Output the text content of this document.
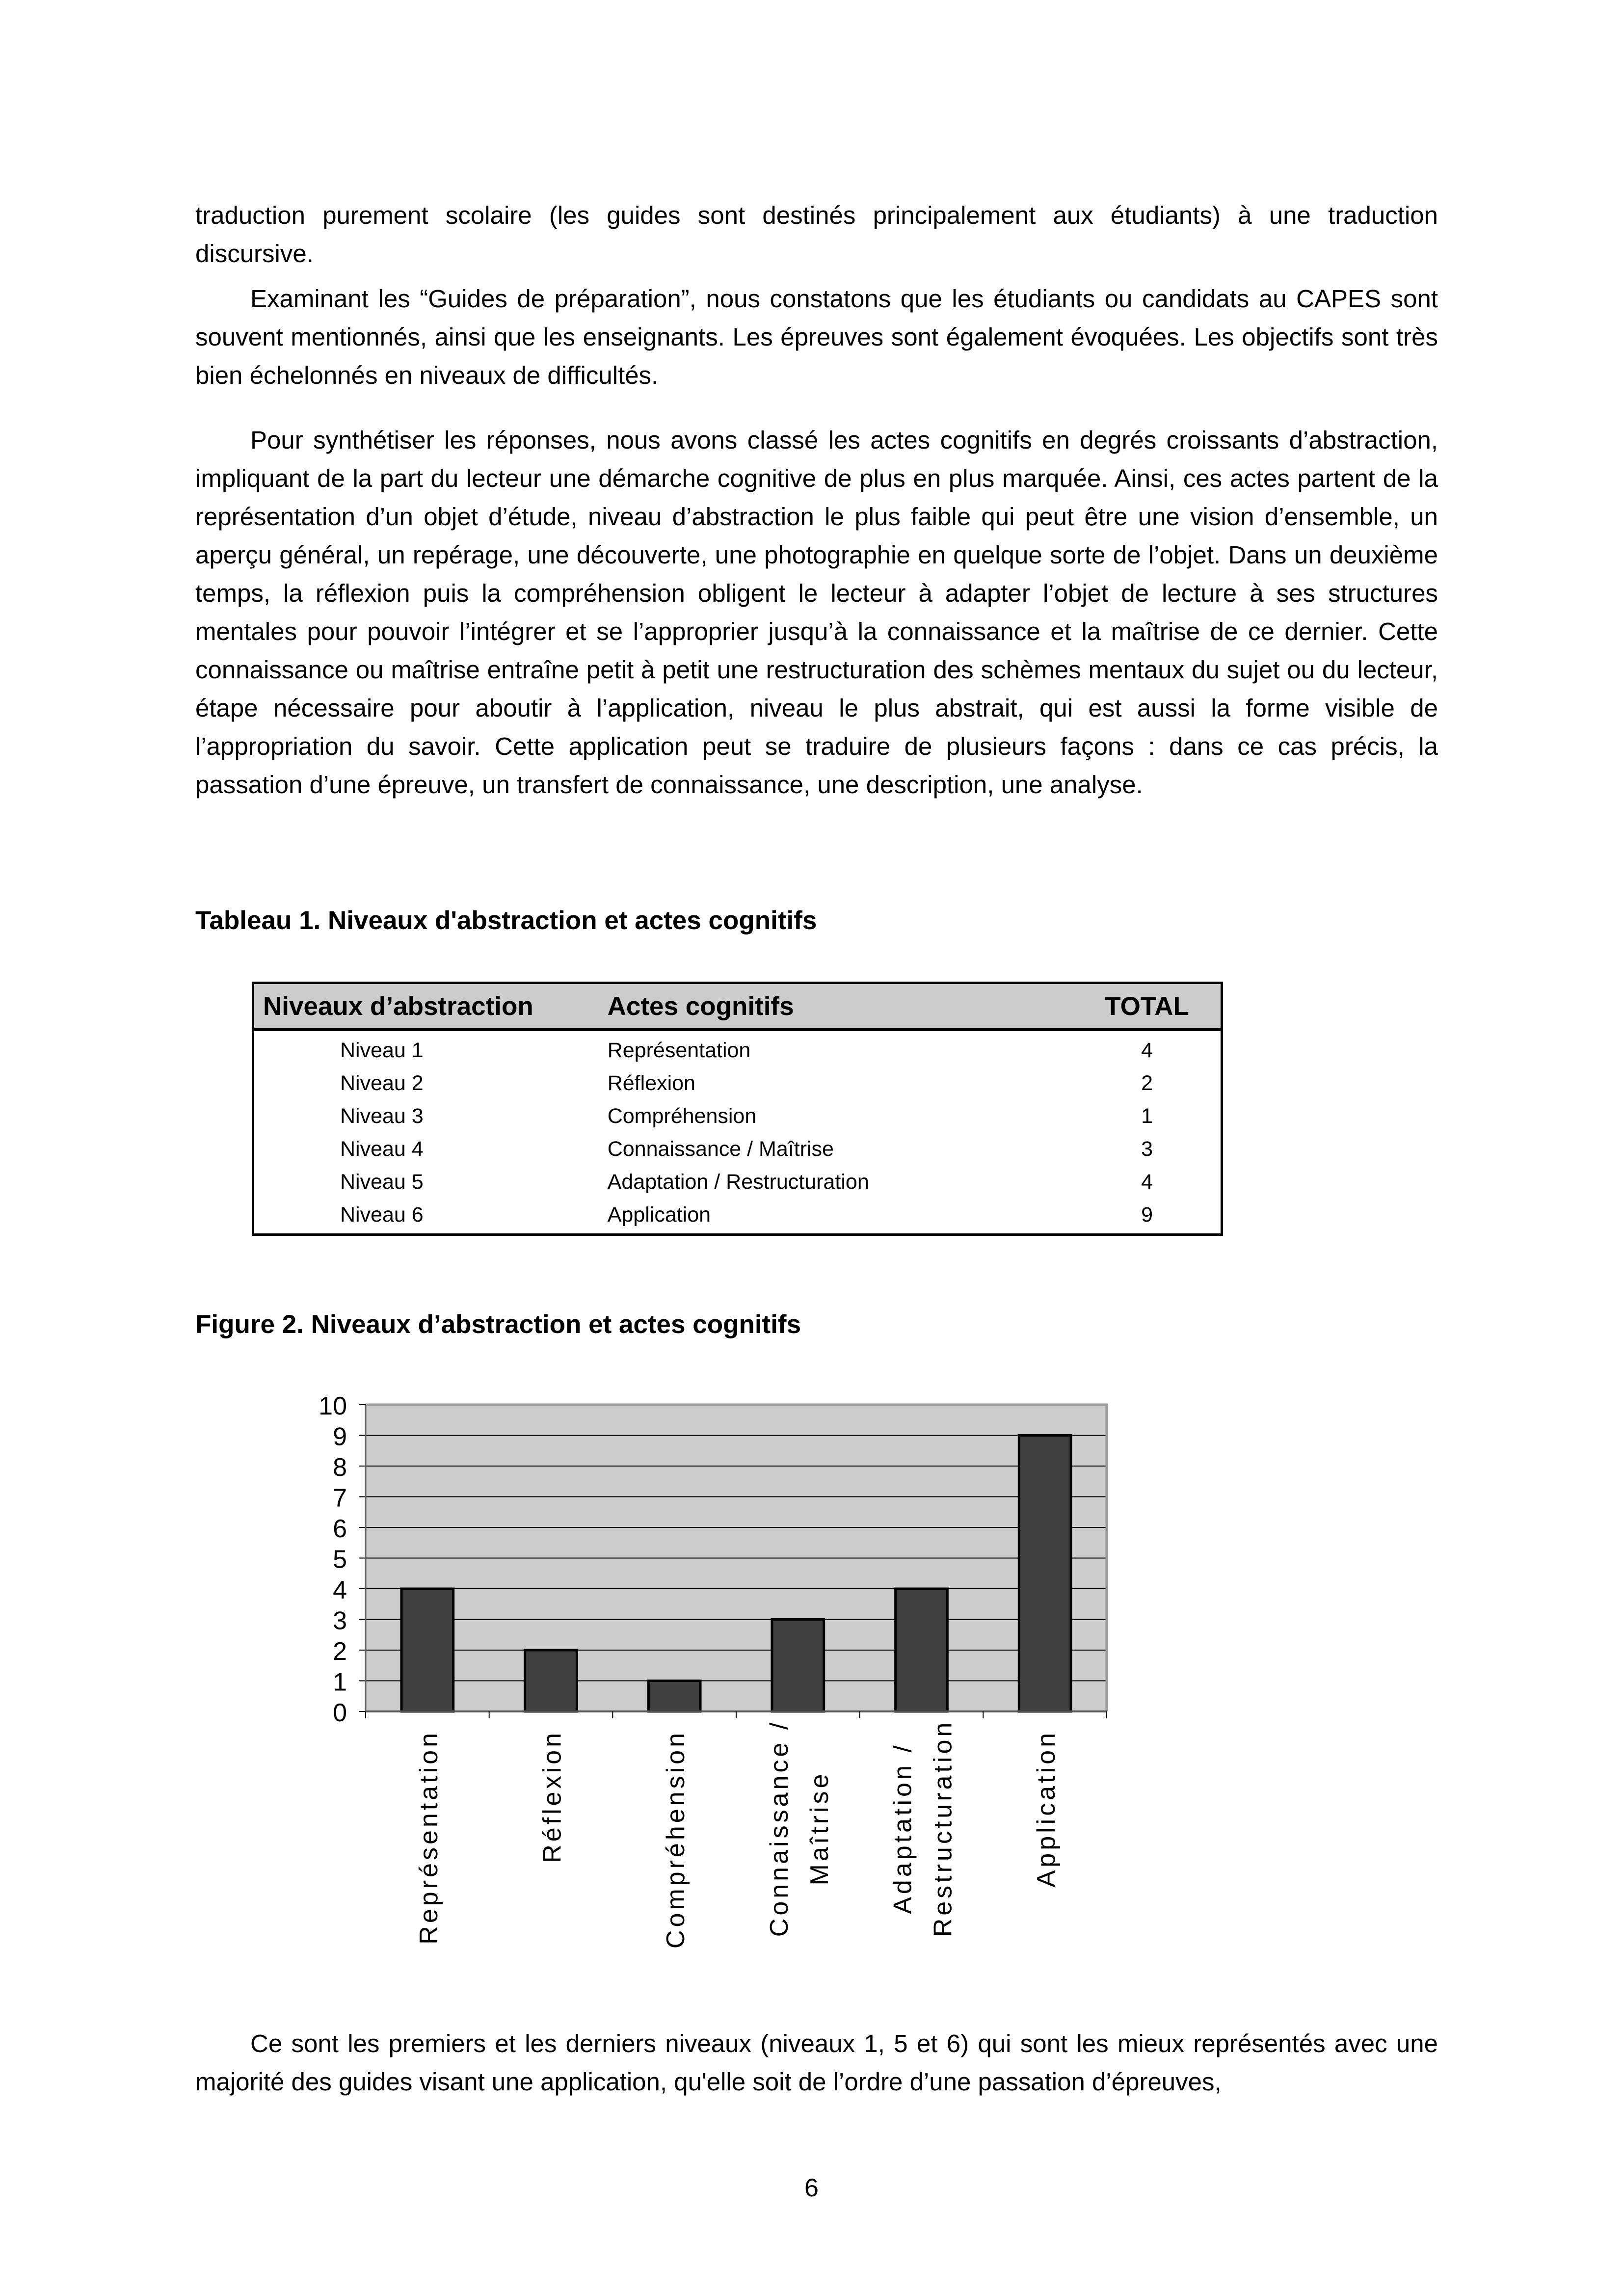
traduction purement scolaire (les guides sont destinés principalement aux étudiants) à une traduction discursive.

Examinant les “Guides de préparation”, nous constatons que les étudiants ou candidats au CAPES sont souvent mentionnés, ainsi que les enseignants. Les épreuves sont également évoquées. Les objectifs sont très bien échelonnés en niveaux de difficultés.

Pour synthétiser les réponses, nous avons classé les actes cognitifs en degrés croissants d’abstraction, impliquant de la part du lecteur une démarche cognitive de plus en plus marquée. Ainsi, ces actes partent de la représentation d’un objet d’étude, niveau d’abstraction le plus faible qui peut être une vision d’ensemble, un aperçu général, un repérage, une découverte, une photographie en quelque sorte de l’objet. Dans un deuxième temps, la réflexion puis la compréhension obligent le lecteur à adapter l’objet de lecture à ses structures mentales pour pouvoir l’intégrer et se l’approprier jusqu’à la connaissance et la maîtrise de ce dernier. Cette connaissance ou maîtrise entraîne petit à petit une restructuration des schèmes mentaux du sujet ou du lecteur, étape nécessaire pour aboutir à l’application, niveau le plus abstrait, qui est aussi la forme visible de l’appropriation du savoir. Cette application peut se traduire de plusieurs façons : dans ce cas précis, la passation d’une épreuve, un transfert de connaissance, une description, une analyse.

Tableau 1. Niveaux d'abstraction et actes cognitifs

Niveaux d’abstraction	Actes cognitifs	TOTAL
Niveau 1	Représentation	4
Niveau 2	Réflexion	2
Niveau 3	Compréhension	1
Niveau 4	Connaissance / Maîtrise	3
Niveau 5	Adaptation / Restructuration	4
Niveau 6	Application	9

Figure 2. Niveaux d’abstraction et actes cognitifs

0
1
2
3
4
5
6
7
8
9
10
Représentation	Réflexion	Compréhension	Connaissance / Maîtrise Adaptation / Restructuration	Application

Ce sont les premiers et les derniers niveaux (niveaux 1, 5 et 6) qui sont les mieux représentés avec une majorité des guides visant une application, qu'elle soit de l’ordre d’une passation d’épreuves,

6
